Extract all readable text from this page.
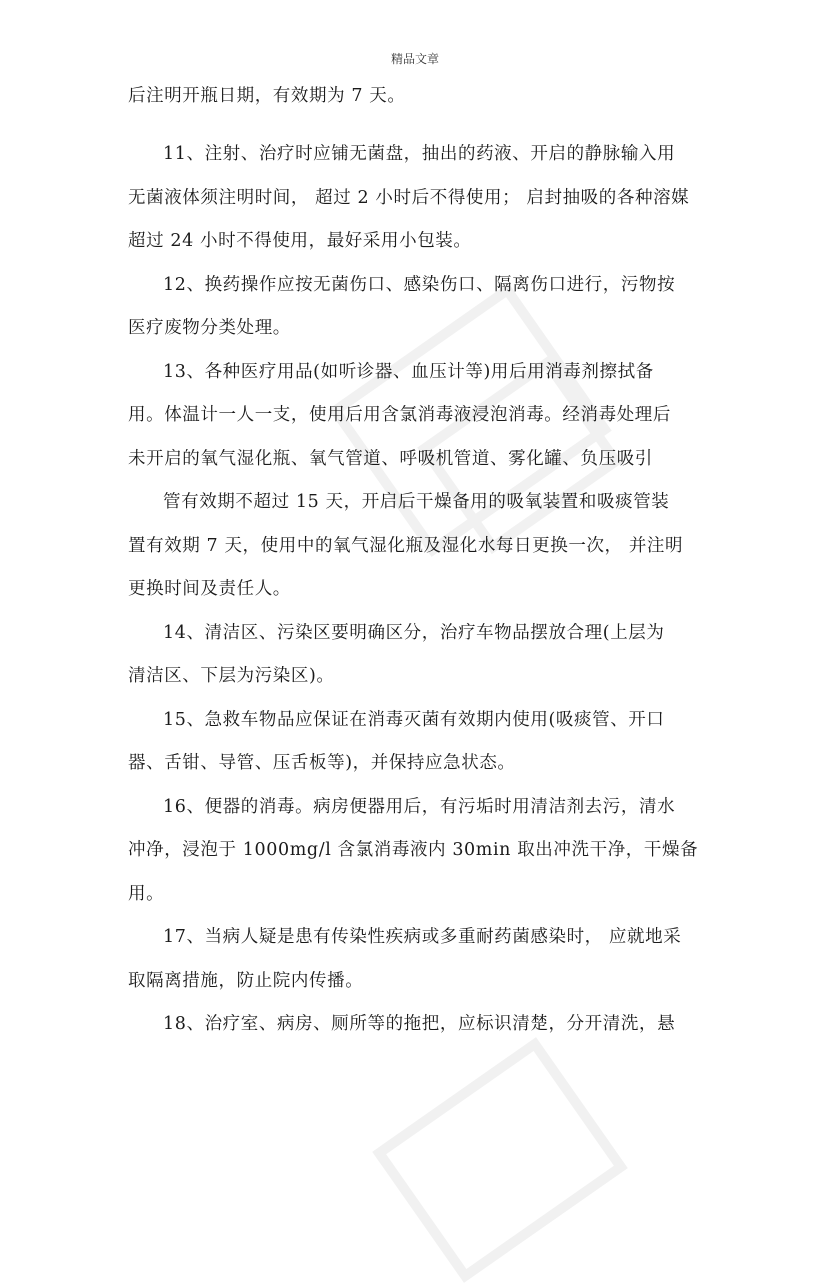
精品文章
后注明开瓶日期，有效期为 7 天。
11、注射、治疗时应铺无菌盘，抽出的药液、开启的静脉输入用
无菌液体须注明时间， 超过 2 小时后不得使用； 启封抽吸的各种溶媒
超过 24 小时不得使用，最好采用小包装。
12、换药操作应按无菌伤口、感染伤口、隔离伤口进行，污物按
医疗废物分类处理。
13、各种医疗用品(如听诊器、血压计等)用后用消毒剂擦拭备
用。体温计一人一支，使用后用含氯消毒液浸泡消毒。经消毒处理后
未开启的氧气湿化瓶、氧气管道、呼吸机管道、雾化罐、负压吸引
管有效期不超过 15 天，开启后干燥备用的吸氧装置和吸痰管装
置有效期 7 天，使用中的氧气湿化瓶及湿化水每日更换一次， 并注明
更换时间及责任人。
14、清洁区、污染区要明确区分，治疗车物品摆放合理(上层为
清洁区、下层为污染区)。
15、急救车物品应保证在消毒灭菌有效期内使用(吸痰管、开口
器、舌钳、导管、压舌板等)，并保持应急状态。
16、便器的消毒。病房便器用后，有污垢时用清洁剂去污，清水
冲净，浸泡于 1000mg/l 含氯消毒液内 30min 取出冲洗干净，干燥备
用。
17、当病人疑是患有传染性疾病或多重耐药菌感染时， 应就地采
取隔离措施，防止院内传播。
18、治疗室、病房、厕所等的拖把，应标识清楚，分开清洗，悬
